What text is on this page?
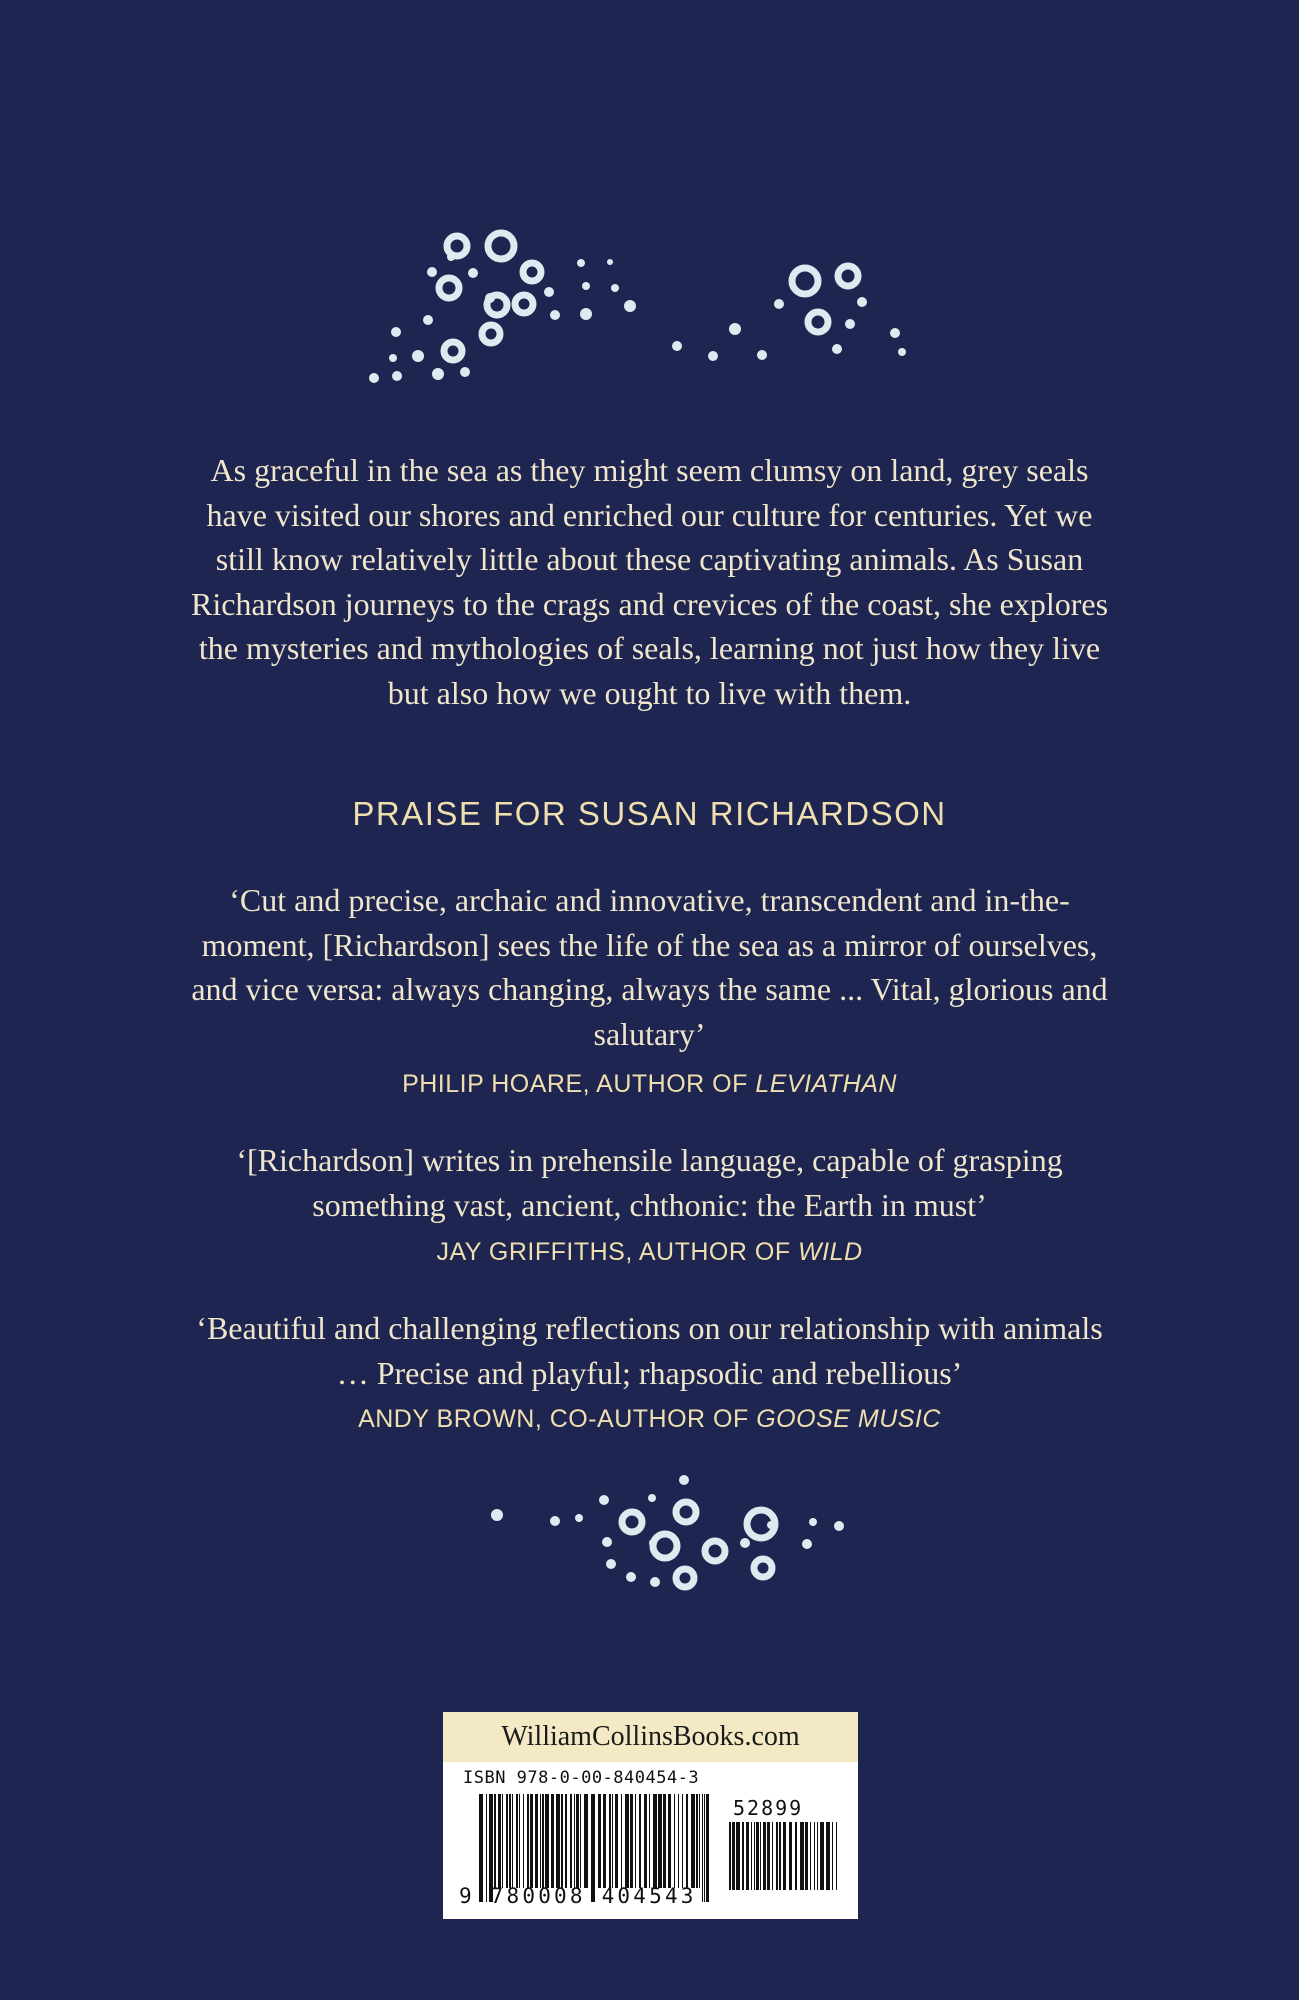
As graceful in the sea as they might seem clumsy on land, grey seals have visited our shores and enriched our culture for centuries. Yet we still know relatively little about these captivating animals. As Susan Richardson journeys to the crags and crevices of the coast, she explores the mysteries and mythologies of seals, learning not just how they live but also how we ought to live with them.
PRAISE FOR SUSAN RICHARDSON
‘Cut and precise, archaic and innovative, transcendent and in-the-moment, [Richardson] sees the life of the sea as a mirror of ourselves, and vice versa: always changing, always the same ... Vital, glorious and salutary’
PHILIP HOARE, AUTHOR OF LEVIATHAN
‘[Richardson] writes in prehensile language, capable of grasping something vast, ancient, chthonic: the Earth in must’
JAY GRIFFITHS, AUTHOR OF WILD
‘Beautiful and challenging reflections on our relationship with animals … Precise and playful; rhapsodic and rebellious’
ANDY BROWN, CO-AUTHOR OF GOOSE MUSIC
WilliamCollinsBooks.com
ISBN 978-0-00-840454-3
52899
9 780008 404543
